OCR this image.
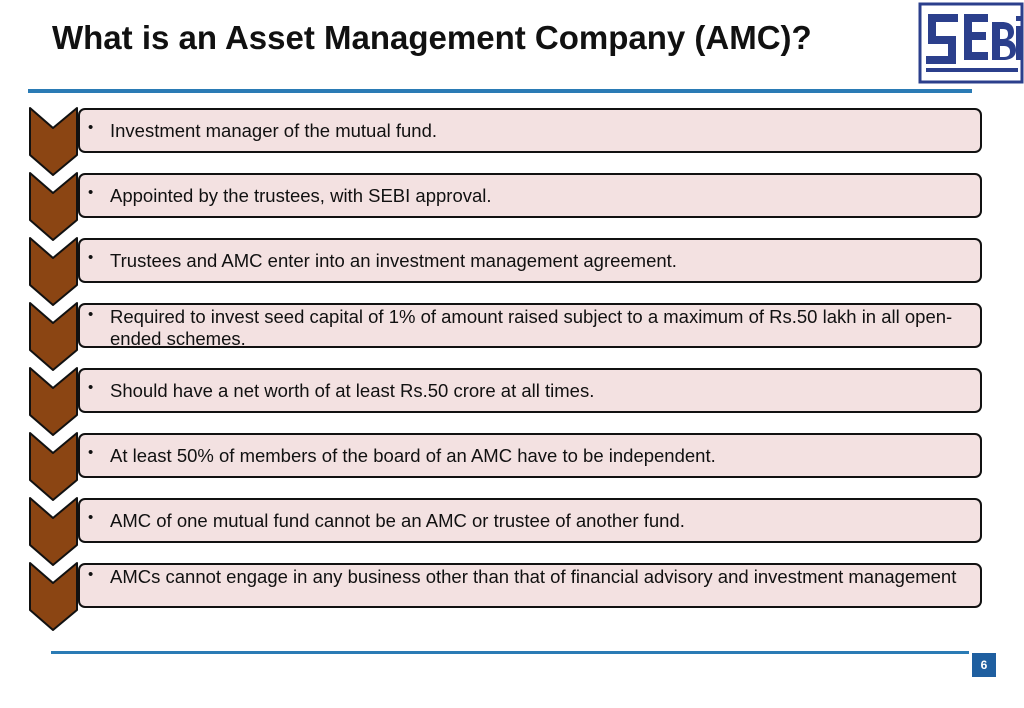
What is an Asset Management Company (AMC)?
• Investment manager of the mutual fund.
• Appointed by the trustees, with SEBI approval.
• Trustees and AMC enter into an investment management agreement.
• Required to invest seed capital of 1% of amount raised subject to a maximum of Rs.50 lakh in all open-ended schemes.
• Should have a net worth of at least Rs.50 crore at all times.
• At least 50% of members of the board of an AMC have to be independent.
• AMC of one mutual fund cannot be an AMC or trustee of another fund.
• AMCs cannot engage in any business other than that of financial advisory and investment management
6
